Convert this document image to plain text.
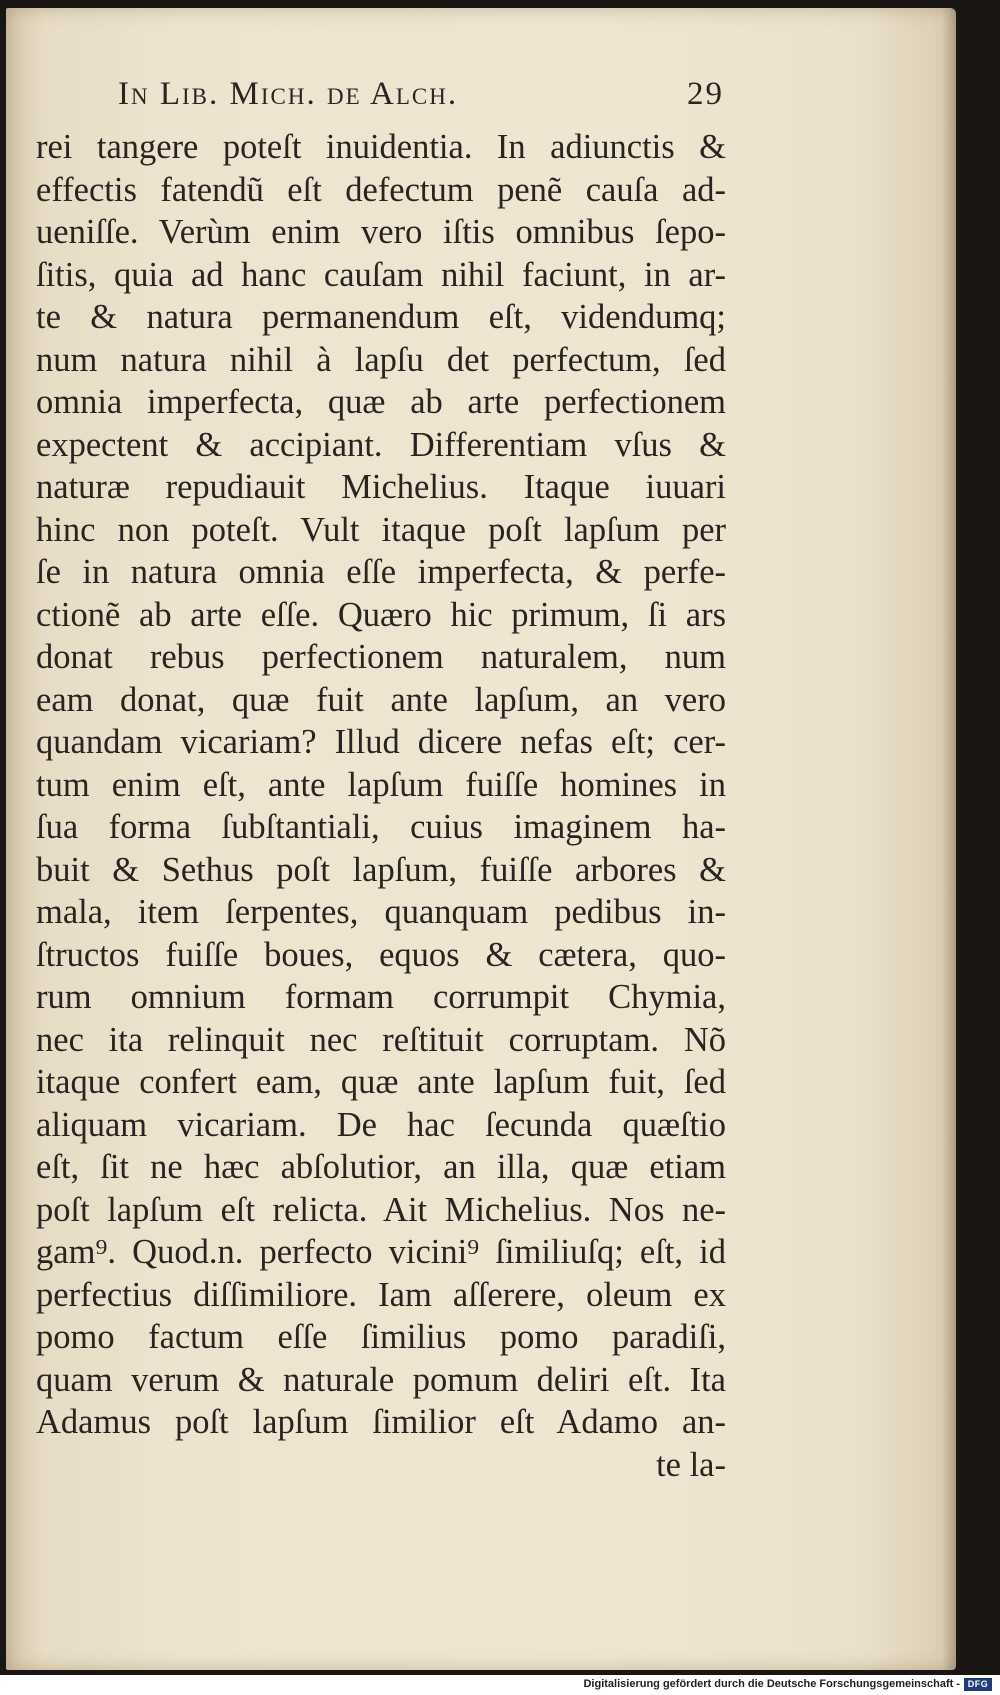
In Lib. Mich. de Alch.	29
rei tangere poteſt inuidentia. In adiunctis &
effectis fatendũ eſt defectum penẽ cauſa ad-
ueniſſe. Verùm enim vero iſtis omnibus ſepo-
ſitis, quia ad hanc cauſam nihil faciunt, in ar-
te & natura permanendum eſt, videndumq;
num natura nihil à lapſu det perfectum, ſed
omnia imperfecta, quæ ab arte perfectionem
expectent & accipiant. Differentiam vſus &
naturæ repudiauit Michelius. Itaque iuuari
hinc non poteſt. Vult itaque poſt lapſum per
ſe in natura omnia eſſe imperfecta, & perfe-
ctionẽ ab arte eſſe. Quæro hic primum, ſi ars
donat rebus perfectionem naturalem, num
eam donat, quæ fuit ante lapſum, an vero
quandam vicariam? Illud dicere nefas eſt; cer-
tum enim eſt, ante lapſum fuiſſe homines in
ſua forma ſubſtantiali, cuius imaginem ha-
buit & Sethus poſt lapſum, fuiſſe arbores &
mala, item ſerpentes, quanquam pedibus in-
ſtructos fuiſſe boues, equos & cætera, quo-
rum omnium formam corrumpit Chymia,
nec ita relinquit nec reſtituit corruptam. Nõ
itaque confert eam, quæ ante lapſum fuit, ſed
aliquam vicariam. De hac ſecunda quæſtio
eſt, ſit ne hæc abſolutior, an illa, quæ etiam
poſt lapſum eſt relicta. Ait Michelius. Nos ne-
gam⁹. Quod.n. perfecto vicini⁹ ſimiliuſq; eſt, id
perfectius diſſimiliore. Iam aſſerere, oleum ex
pomo factum eſſe ſimilius pomo paradiſi,
quam verum & naturale pomum deliri eſt. Ita
Adamus poſt lapſum ſimilior eſt Adamo an-
te la-
Digitalisierung gefördert durch die Deutsche Forschungsgemeinschaft - DFG
